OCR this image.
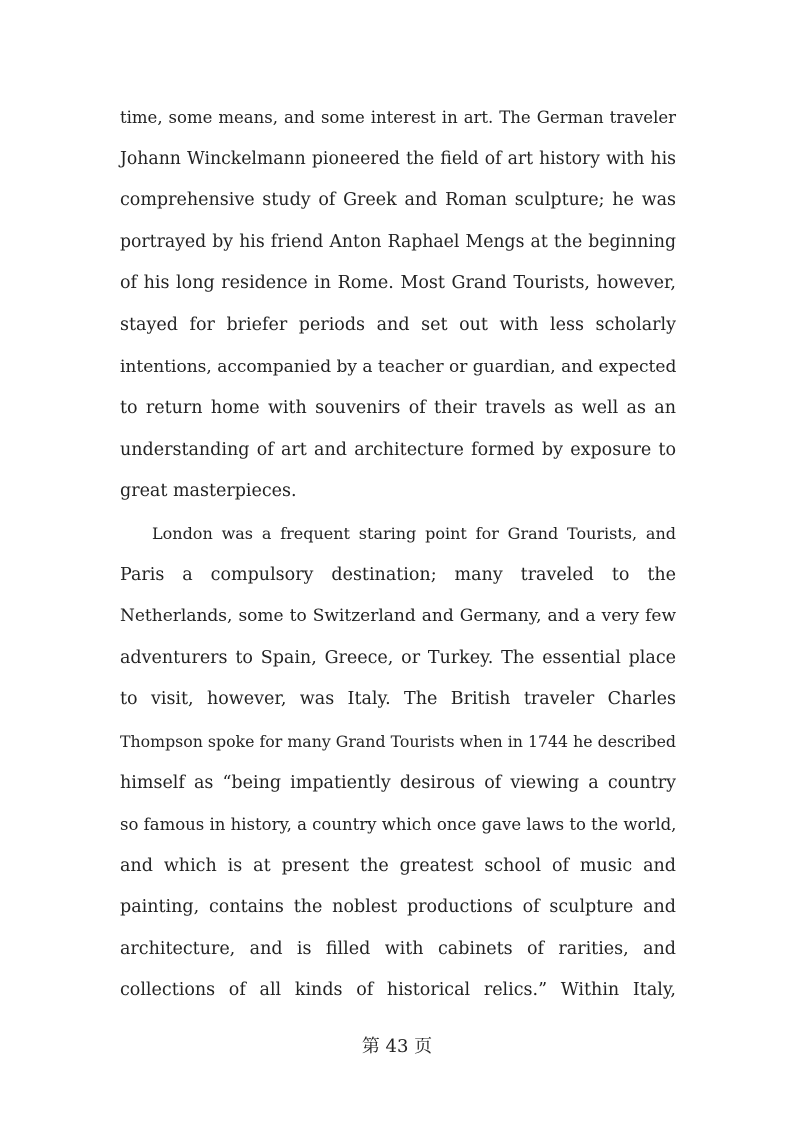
time, some means, and some interest in art. The German traveler
Johann Winckelmann pioneered the field of art history with his
comprehensive study of Greek and Roman sculpture; he was
portrayed by his friend Anton Raphael Mengs at the beginning
of his long residence in Rome. Most Grand Tourists, however,
stayed for briefer periods and set out with less scholarly
intentions, accompanied by a teacher or guardian, and expected
to return home with souvenirs of their travels as well as an
understanding of art and architecture formed by exposure to
great masterpieces.
London was a frequent staring point for Grand Tourists, and
Paris a compulsory destination; many traveled to the
Netherlands, some to Switzerland and Germany, and a very few
adventurers to Spain, Greece, or Turkey. The essential place
to visit, however, was Italy. The British traveler Charles
Thompson spoke for many Grand Tourists when in 1744 he described
himself as “being impatiently desirous of viewing a country
so famous in history, a country which once gave laws to the world,
and which is at present the greatest school of music and
painting, contains the noblest productions of sculpture and
architecture, and is filled with cabinets of rarities, and
collections of all kinds of historical relics.” Within Italy,
第 43 页
